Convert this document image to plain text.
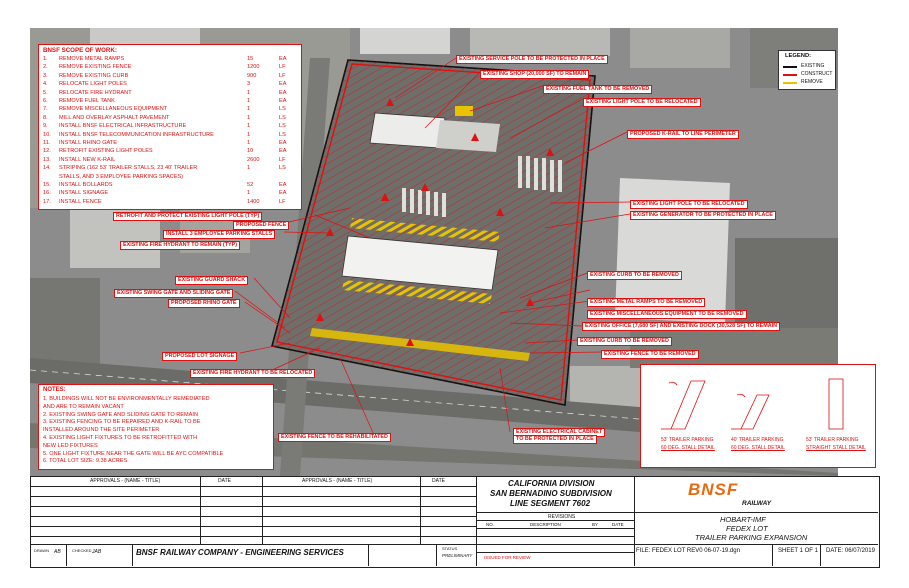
BNSF SCOPE OF WORK:
1. REMOVE METAL RAMPS	15	EA
2. REMOVE EXISTING FENCE	1200	LF
3. REMOVE EXISTING CURB	900	LF
4. RELOCATE LIGHT POLES	3	EA
5. RELOCATE FIRE HYDRANT	1	EA
6. REMOVE FUEL TANK	1	EA
7. REMOVE MISCELLANEOUS EQUIPMENT	1	LS
8. MILL AND OVERLAY ASPHALT PAVEMENT	1	LS
9. INSTALL BNSF ELECTRICAL INFRASTRUCTURE	1	LS
10. INSTALL BNSF TELECOMMUNICATION INFRASTRUCTURE	1	LS
11. INSTALL RHINO GATE	1	EA
12. RETROFIT EXISTING LIGHT POLES	10	EA
13. INSTALL NEW K-RAIL	2600	LF
14. STRIPING (162 53' TRAILER STALLS, 23 40' TRAILER	1	LS
STALLS, AND 3 EMPLOYEE PARKING SPACES)
15. INSTALL BOLLARDS	52	EA
16. INSTALL SIGNAGE	1	EA
17. INSTALL FENCE	1400	LF
NOTES:
1. BUILDINGS WILL NOT BE ENVIRONMENTALLY REMEDIATED
AND ARE TO REMAIN VACANT
2. EXISTING SWING GATE AND SLIDING GATE TO REMAIN
3. EXISTING FENCING TO BE REPAIRED AND K-RAIL TO BE
INSTALLED AROUND THE SITE PERIMETER
4. EXISTING LIGHT FIXTURES TO BE RETROFITTED WITH
NEW LED FIXTURES
5. ONE LIGHT FIXTURE NEAR THE GATE WILL BE AYC COMPATIBLE
6. TOTAL LOT SIZE: 9.38 ACRES
LEGEND:
EXISTING
CONSTRUCT
REMOVE
53' TRAILER PARKING
60 DEG. STALL DETAIL
40' TRAILER PARKING
60 DEG. STALL DETAIL
53' TRAILER PARKING
STRAIGHT STALL DETAIL
EXISTING SERVICE POLE TO BE PROTECTED IN PLACE
EXISTING SHOP (20,000 SF) TO REMAIN
EXISTING FUEL TANK TO BE REMOVED
EXISTING LIGHT POLE TO BE RELOCATED
PROPOSED K-RAIL TO LINE PERIMETER
EXISTING LIGHT POLE TO BE RELOCATED
EXISTING GENERATOR TO BE PROTECTED IN PLACE
RETROFIT AND PROTECT EXISTING LIGHT POLE (TYP)
PROPOSED FENCE
INSTALL 3 EMPLOYEE PARKING STALLS
EXISTING FIRE HYDRANT TO REMAIN (TYP)
EXISTING GUARD SHACK
EXISTING SWING GATE AND SLIDING GATE
PROPOSED RHINO GATE
EXISTING CURB TO BE REMOVED
EXISTING METAL RAMPS TO BE REMOVED
EXISTING MISCELLANEOUS EQUIPMENT TO BE REMOVED
EXISTING OFFICE (7,680 SF) AND EXISTING DOCK (30,528 SF) TO REMAIN
EXISTING CURB TO BE REMOVED
EXISTING FENCE TO BE REMOVED
PROPOSED LOT SIGNAGE
EXISTING FIRE HYDRANT TO BE RELOCATED
EXISTING FENCE TO BE REHABILITATED
EXISTING ELECTRICAL CABINET
TO BE PROTECTED IN PLACE
APPROVALS - (NAME - TITLE)	DATE	APPROVALS - (NAME - TITLE)	DATE	CALIFORNIA DIVISION
SAN BERNADINO SUBDIVISION
LINE SEGMENT 7602
REVISIONS
NO.	DESCRIPTION	BY	DATE
ISSUED FOR REVIEW
BNSF
RAILWAY
HOBART-IMF
FEDEX LOT
TRAILER PARKING EXPANSION
BNSF RAILWAY COMPANY - ENGINEERING SERVICES
DRAWN AB	CHECKED JAB
STATUS
PRELIMINARY
FILE: FEDEX LOT REV0 06-07-19.dgn	SHEET 1 OF 1 DATE: 06/07/2019
